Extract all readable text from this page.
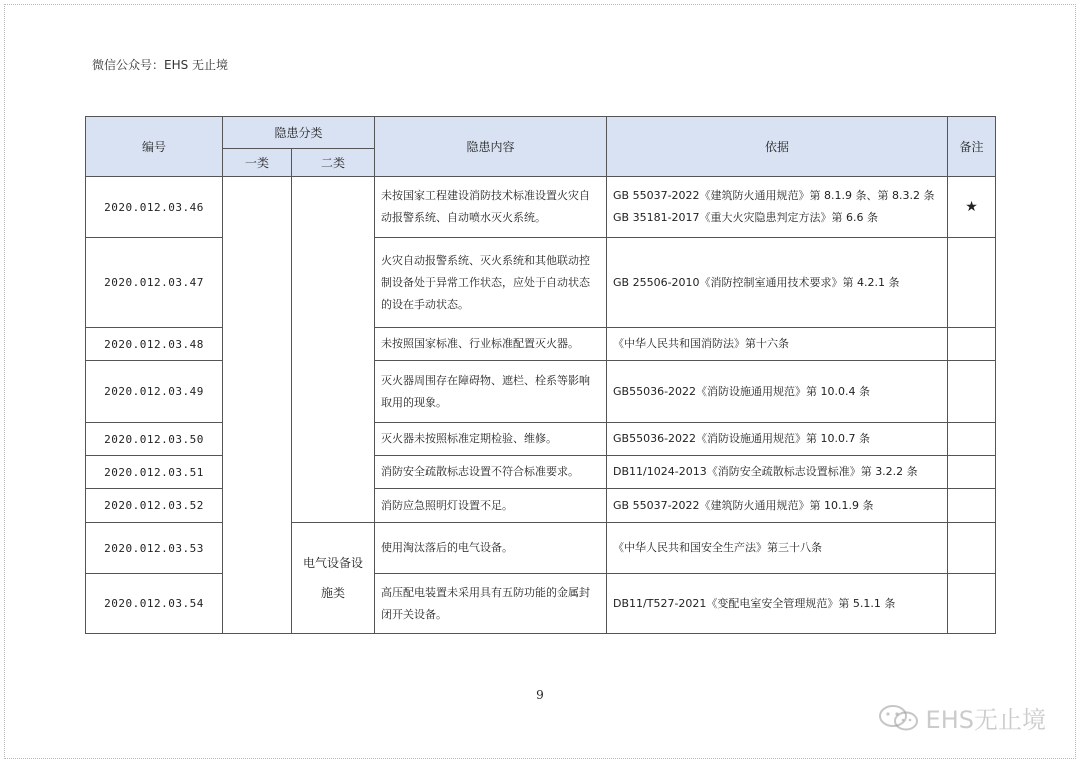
微信公众号：EHS 无止境
编号	隐患分类		隐患内容	依据	备注
	一类	二类			
2020.012.03.46			未按国家工程建设消防技术标准设置火灾自动报警系统、自动喷水灭火系统。	GB 55037-2022《建筑防火通用规范》第 8.1.9 条、第 8.3.2 条
GB 35181-2017《重大火灾隐患判定方法》第 6.6 条	★
2020.012.03.47			火灾自动报警系统、灭火系统和其他联动控制设备处于异常工作状态，应处于自动状态的设在手动状态。	GB 25506-2010《消防控制室通用技术要求》第 4.2.1 条	

2020.012.03.48			未按照国家标准、行业标准配置灭火器。	《中华人民共和国消防法》第十六条	

2020.012.03.49			灭火器周围存在障碍物、遮栏、栓系等影响取用的现象。	GB55036-2022《消防设施通用规范》第 10.0.4 条	

2020.012.03.50			灭火器未按照标准定期检验、维修。	GB55036-2022《消防设施通用规范》第 10.0.7 条	

2020.012.03.51			消防安全疏散标志设置不符合标准要求。	DB11/1024-2013《消防安全疏散标志设置标准》第 3.2.2 条	

2020.012.03.52			消防应急照明灯设置不足。	GB 55037-2022《建筑防火通用规范》第 10.1.9 条	

2020.012.03.53		电气设备设施类	使用淘汰落后的电气设备。	《中华人民共和国安全生产法》第三十八条	

2020.012.03.54			高压配电装置未采用具有五防功能的金属封闭开关设备。	DB11/T527-2021《变配电室安全管理规范》第 5.1.1 条	

9
EHS无止境
